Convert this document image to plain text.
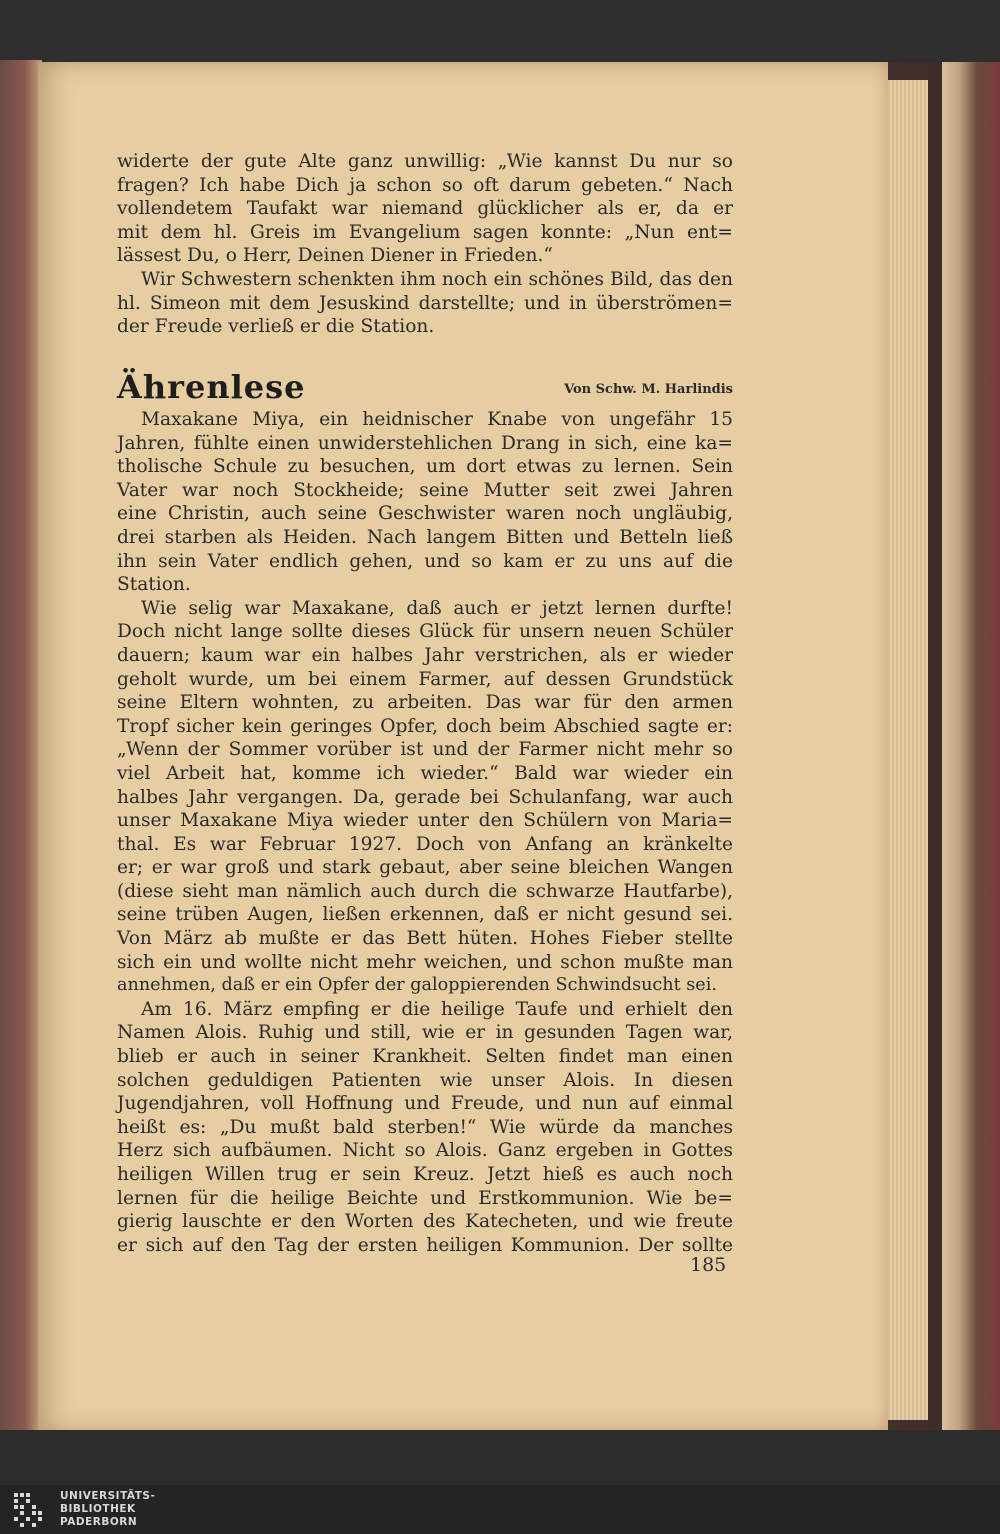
widerte der gute Alte ganz unwillig: „Wie kannst Du nur so
fragen? Ich habe Dich ja schon so oft darum gebeten.“ Nach
vollendetem Taufakt war niemand glücklicher als er, da er
mit dem hl. Greis im Evangelium sagen konnte: „Nun ent=
lässest Du, o Herr, Deinen Diener in Frieden.“
Wir Schwestern schenkten ihm noch ein schönes Bild, das den
hl. Simeon mit dem Jesuskind darstellte; und in überströmen=
der Freude verließ er die Station.
Ährenlese	Von Schw. M. Harlindis
Maxakane Miya, ein heidnischer Knabe von ungefähr 15
Jahren, fühlte einen unwiderstehlichen Drang in sich, eine ka=
tholische Schule zu besuchen, um dort etwas zu lernen. Sein
Vater war noch Stockheide; seine Mutter seit zwei Jahren
eine Christin, auch seine Geschwister waren noch ungläubig,
drei starben als Heiden. Nach langem Bitten und Betteln ließ
ihn sein Vater endlich gehen, und so kam er zu uns auf die
Station.
Wie selig war Maxakane, daß auch er jetzt lernen durfte!
Doch nicht lange sollte dieses Glück für unsern neuen Schüler
dauern; kaum war ein halbes Jahr verstrichen, als er wieder
geholt wurde, um bei einem Farmer, auf dessen Grundstück
seine Eltern wohnten, zu arbeiten. Das war für den armen
Tropf sicher kein geringes Opfer, doch beim Abschied sagte er:
„Wenn der Sommer vorüber ist und der Farmer nicht mehr so
viel Arbeit hat, komme ich wieder.“ Bald war wieder ein
halbes Jahr vergangen. Da, gerade bei Schulanfang, war auch
unser Maxakane Miya wieder unter den Schülern von Maria=
thal. Es war Februar 1927. Doch von Anfang an kränkelte
er; er war groß und stark gebaut, aber seine bleichen Wangen
(diese sieht man nämlich auch durch die schwarze Hautfarbe),
seine trüben Augen, ließen erkennen, daß er nicht gesund sei.
Von März ab mußte er das Bett hüten. Hohes Fieber stellte
sich ein und wollte nicht mehr weichen, und schon mußte man
annehmen, daß er ein Opfer der galoppierenden Schwindsucht sei.
Am 16. März empfing er die heilige Taufe und erhielt den
Namen Alois. Ruhig und still, wie er in gesunden Tagen war,
blieb er auch in seiner Krankheit. Selten findet man einen
solchen geduldigen Patienten wie unser Alois. In diesen
Jugendjahren, voll Hoffnung und Freude, und nun auf einmal
heißt es: „Du mußt bald sterben!“ Wie würde da manches
Herz sich aufbäumen. Nicht so Alois. Ganz ergeben in Gottes
heiligen Willen trug er sein Kreuz. Jetzt hieß es auch noch
lernen für die heilige Beichte und Erstkommunion. Wie be=
gierig lauschte er den Worten des Katecheten, und wie freute
er sich auf den Tag der ersten heiligen Kommunion. Der sollte
185
UNIVERSITÄTS-
BIBLIOTHEK
PADERBORN
